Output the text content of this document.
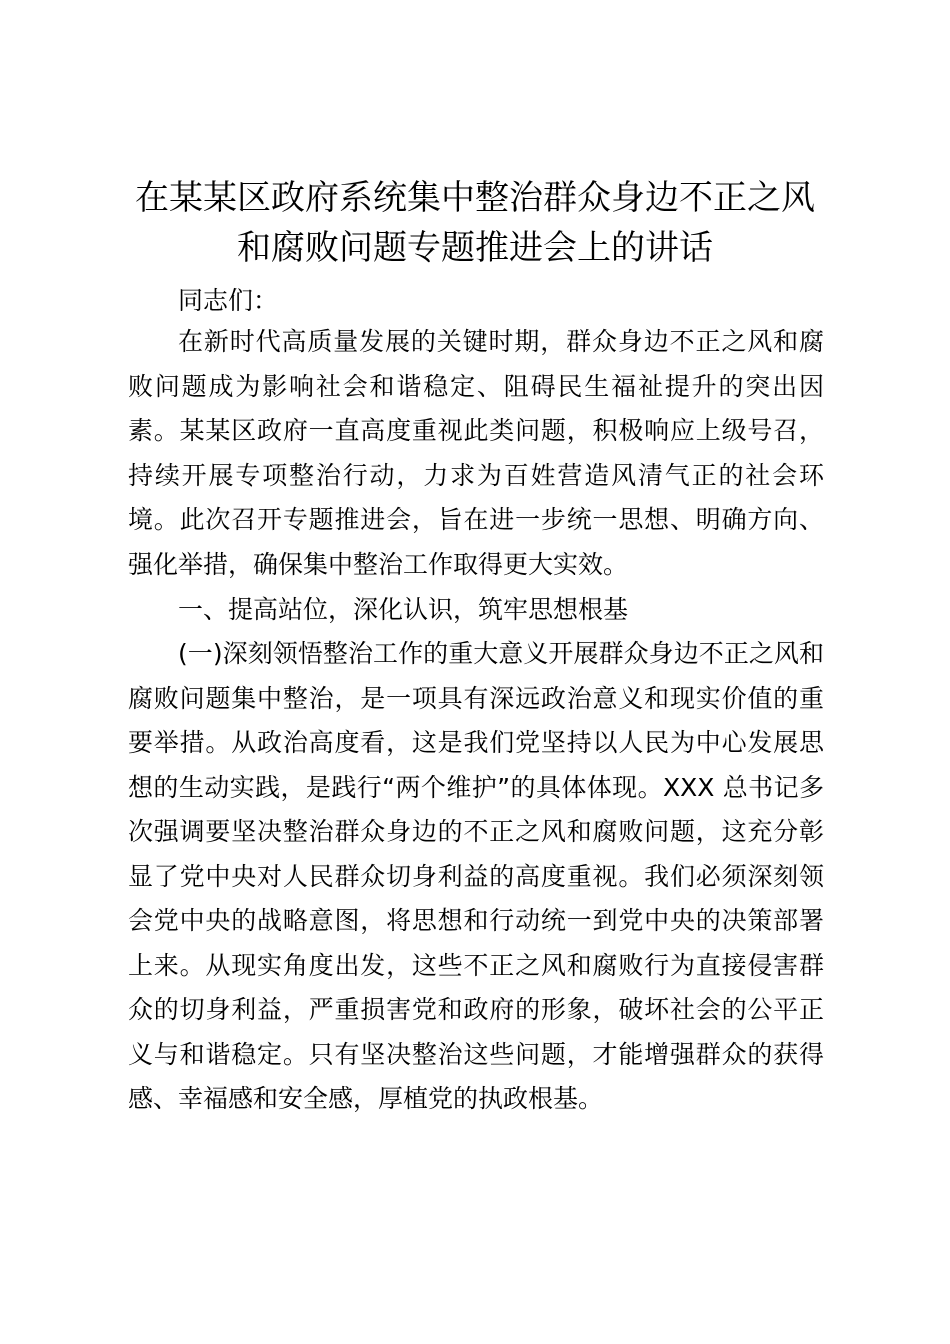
在某某区政府系统集中整治群众身边不正之风
和腐败问题专题推进会上的讲话

同志们：

在新时代高质量发展的关键时期，群众身边不正之风和腐败问题成为影响社会和谐稳定、阻碍民生福祉提升的突出因素。某某区政府一直高度重视此类问题，积极响应上级号召，持续开展专项整治行动，力求为百姓营造风清气正的社会环境。此次召开专题推进会，旨在进一步统一思想、明确方向、强化举措，确保集中整治工作取得更大实效。

一、提高站位，深化认识，筑牢思想根基

(一)深刻领悟整治工作的重大意义开展群众身边不正之风和腐败问题集中整治，是一项具有深远政治意义和现实价值的重要举措。从政治高度看，这是我们党坚持以人民为中心发展思想的生动实践，是践行“两个维护”的具体体现。XXX 总书记多次强调要坚决整治群众身边的不正之风和腐败问题，这充分彰显了党中央对人民群众切身利益的高度重视。我们必须深刻领会党中央的战略意图，将思想和行动统一到党中央的决策部署上来。从现实角度出发，这些不正之风和腐败行为直接侵害群众的切身利益，严重损害党和政府的形象，破坏社会的公平正义与和谐稳定。只有坚决整治这些问题，才能增强群众的获得感、幸福感和安全感，厚植党的执政根基。
